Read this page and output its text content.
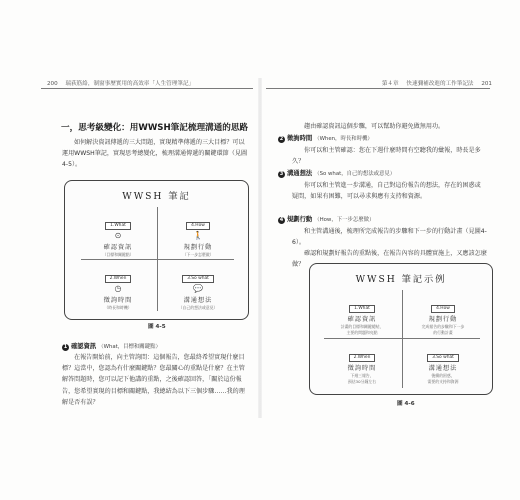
200 瑞荻筋絡，制窗事歷實用的高效率「人生管理筆記」	第４章 快速彌補改進的工作筆記法 201
一，思考級變化：用WWSH筆記梳理溝通的思路

如何解決資訊傳遞的三大問題，實現精準傳遞的三大目標？可以運用WWSH筆記，實現思考總變化，梳理溝通傳遞的關鍵環節（見圖4-5）。

WWSH 筆記
1.What
⊙
確認資訊
（目標和關鍵點）
4.How
🚶
規劃行動
（下一步怎麼做）
2.When
◷
徵詢時間
（時長和時機）
3.So what
💬
溝通想法
（自己的想法或意見）
圖 4-5
1 確認資訊 （What，目標和關鍵點）

在報告開始前，向主管詢問：這個報告，您最終希望實現什麼目標？這當中，您認為有什麼關鍵點？您最關心的重點是什麼？在主管解答問題時，您可以記下他講的重點，之後確認回答，「關於這份報告，您希望實現的目標和關鍵點，我總結為以下三個步驟……我的理解是否有誤？

趨由確認資訊這個步驟，可以幫助你避免做無用功。

2 徵詢時間 （When，時長和時機）

你可以和主管確認：您在下週什麼時間有空聽我的彙報，時長是多久？

3 溝通想法 （So what，自己的想法或意見）

你可以和主管進一步溝通，自己對這份報告的想法，存在的困惑或疑問，如果有困難，可以尋求與應有支持和資源。

4 規劃行動 （How，下一步怎麼做）

和主管溝通後，梳理所完成報告的步驟和下一步的行動計畫（見圖4-6）。

確認和規劃好報告的重點後，在報告內容的具體實施上，又應該怎麼做？

WWSH 筆記示例
1.What
確認資訊
計畫的目標和關鍵總結，
主要的問題和亮點
4.How
規劃行動
完成報告的步驟和下一步
的行動計畫
2.When
徵詢時間
下週三報告，
預估30分鐘左右
3.So what
溝通想法
後續的困惑，
需要的支持和資源
圖 4-6
